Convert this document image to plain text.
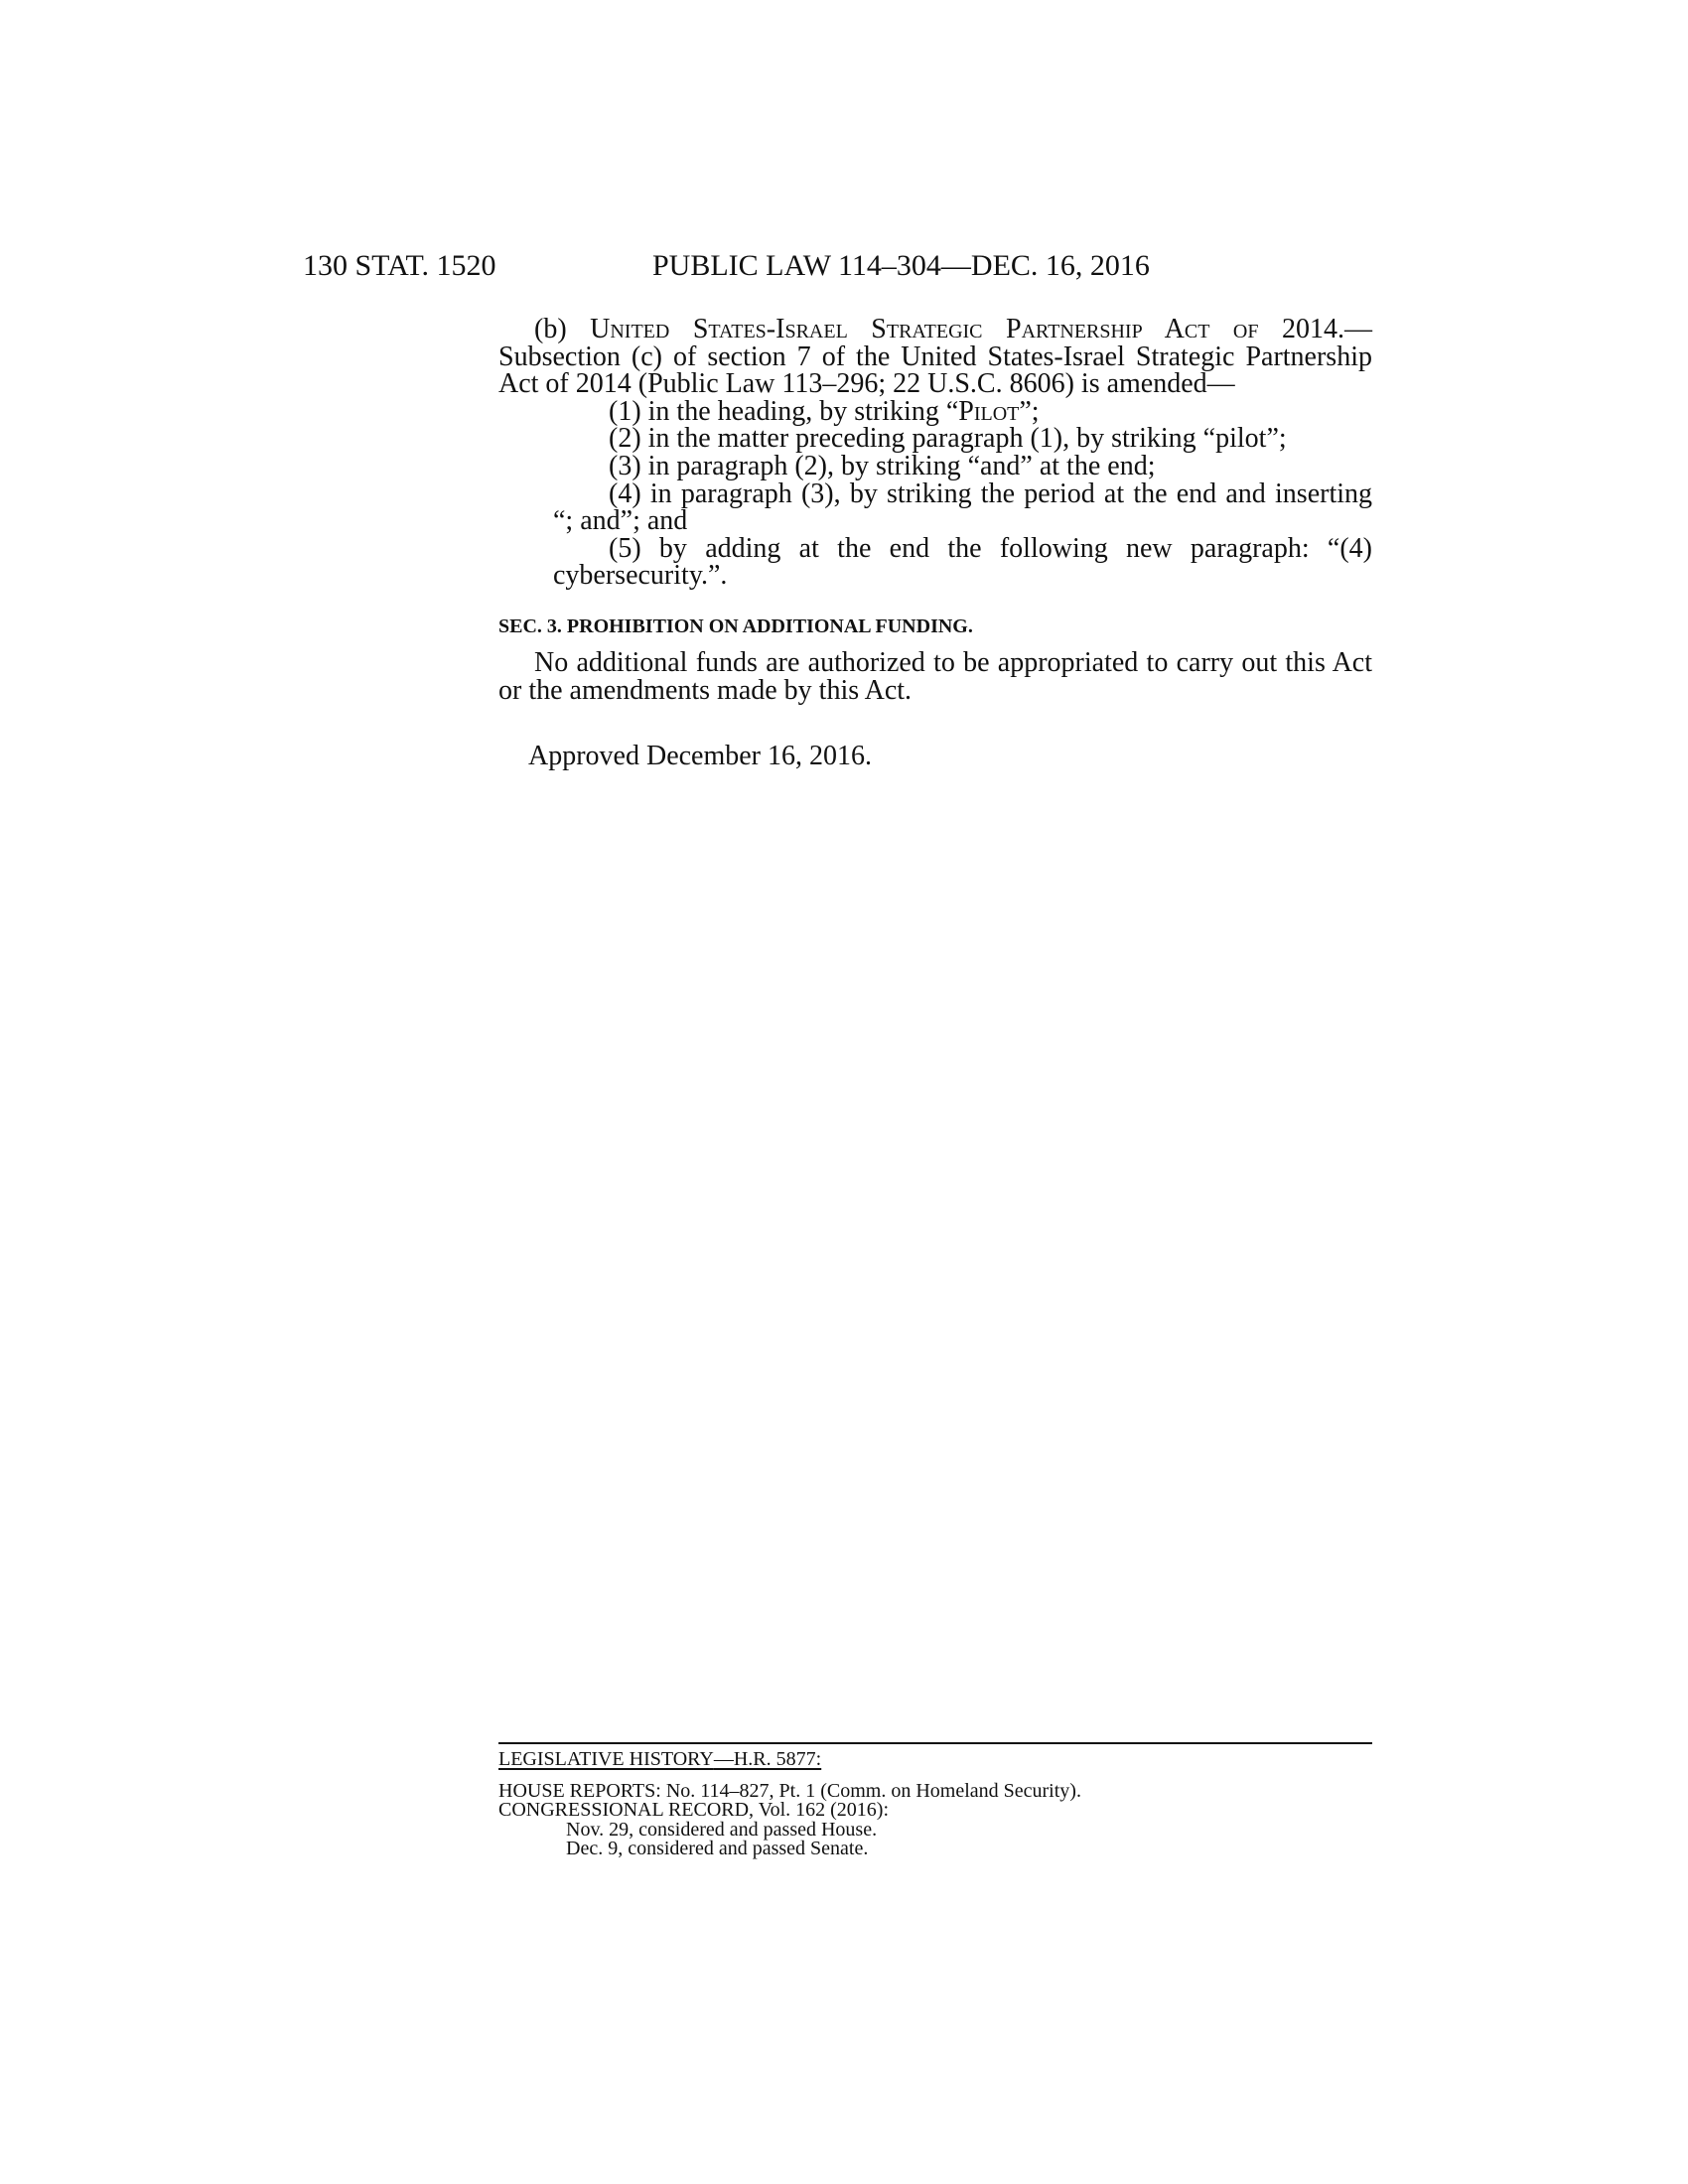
130 STAT. 1520	PUBLIC LAW 114–304—DEC. 16, 2016

(b) United States-Israel Strategic Partnership Act of 2014.—Subsection (c) of section 7 of the United States-Israel Strategic Partnership Act of 2014 (Public Law 113–296; 22 U.S.C. 8606) is amended—

(1) in the heading, by striking “Pilot”;

(2) in the matter preceding paragraph (1), by striking “pilot”;

(3) in paragraph (2), by striking “and” at the end;

(4) in paragraph (3), by striking the period at the end and inserting “; and”; and

(5) by adding at the end the following new paragraph: “(4) cybersecurity.”.

SEC. 3. PROHIBITION ON ADDITIONAL FUNDING.

No additional funds are authorized to be appropriated to carry out this Act or the amendments made by this Act.

Approved December 16, 2016.

LEGISLATIVE HISTORY—H.R. 5877:

HOUSE REPORTS: No. 114–827, Pt. 1 (Comm. on Homeland Security).
CONGRESSIONAL RECORD, Vol. 162 (2016):
Nov. 29, considered and passed House.
Dec. 9, considered and passed Senate.
